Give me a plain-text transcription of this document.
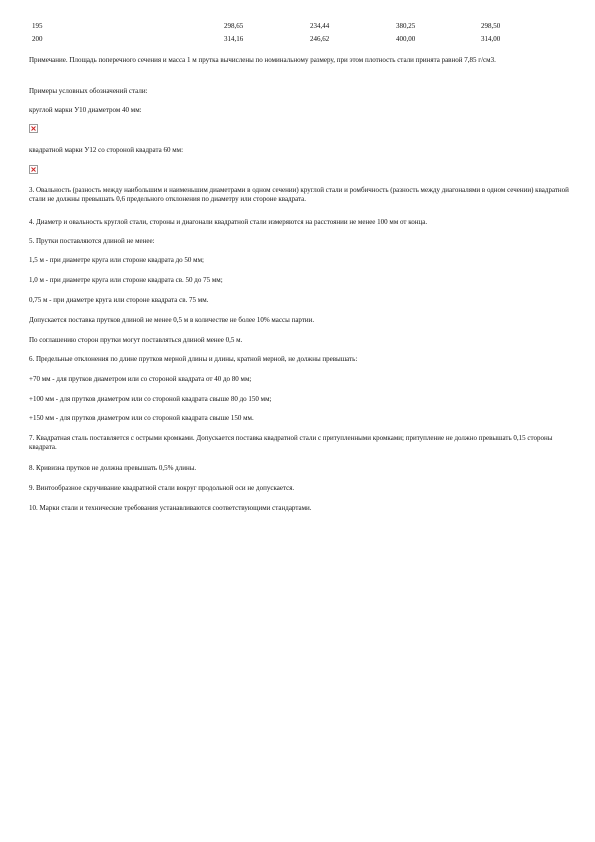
195	298,65	234,44	380,25	298,50
200	314,16	246,62	400,00	314,00
Примечание. Площадь поперечного сечения и масса 1 м прутка вычислены по номинальному размеру, при этом плотность стали принята равной 7,85 г/см3.
Примеры условных обозначений стали:
круглой марки У10 диаметром 40 мм:
квадратной марки У12 со стороной квадрата 60 мм:
3. Овальность (разность между наибольшим и наименьшим диаметрами в одном сечении) круглой стали и ромбичность (разность между диагоналями в одном сечении) квадратной стали не должны превышать 0,6 предельного отклонения по диаметру или стороне квадрата.
4. Диаметр и овальность круглой стали, стороны и диагонали квадратной стали измеряются на расстоянии не менее 100 мм от конца.
5. Прутки поставляются длиной не менее:
1,5 м - при диаметре круга или стороне квадрата до 50 мм;
1,0 м - при диаметре круга или стороне квадрата св. 50 до 75 мм;
0,75 м - при диаметре круга или стороне квадрата св. 75 мм.
Допускается поставка прутков длиной не менее 0,5 м в количестве не более 10% массы партии.
По соглашению сторон прутки могут поставляться длиной менее 0,5 м.
6. Предельные отклонения по длине прутков мерной длины и длины, кратной мерной, не должны превышать:
+70 мм - для прутков диаметром или со стороной квадрата от 40 до 80 мм;
+100 мм - для прутков диаметром или со стороной квадрата свыше 80 до 150 мм;
+150 мм - для прутков диаметром или со стороной квадрата свыше 150 мм.
7. Квадратная сталь поставляется с острыми кромками. Допускается поставка квадратной стали с притупленными кромками; притупление не должно превышать 0,15 стороны квадрата.
8. Кривизна прутков не должна превышать 0,5% длины.
9. Винтообразное скручивание квадратной стали вокруг продольной оси не допускается.
10. Марки стали и технические требования устанавливаются соответствующими стандартами.
